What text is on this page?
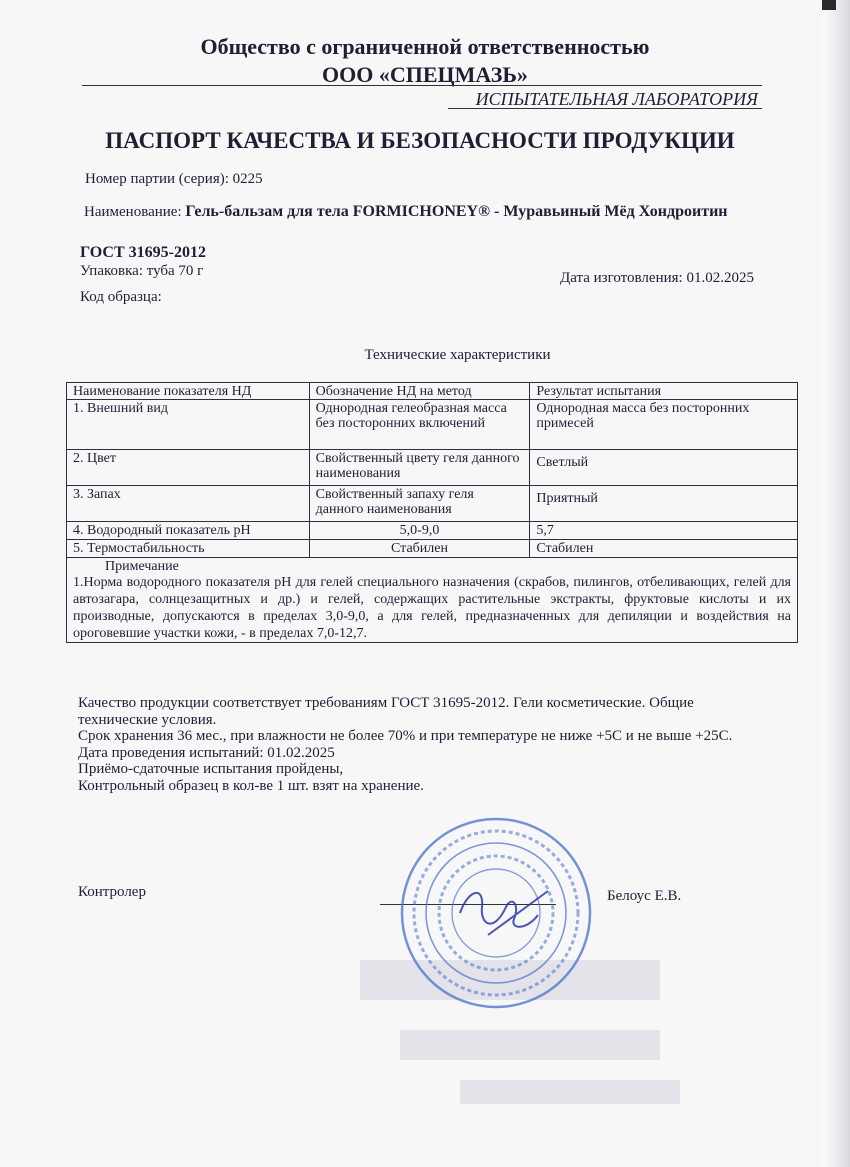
Общество с ограниченной ответственностью
ООО «СПЕЦМАЗЬ»
ИСПЫТАТЕЛЬНАЯ ЛАБОРАТОРИЯ
ПАСПОРТ КАЧЕСТВА И БЕЗОПАСНОСТИ ПРОДУКЦИИ
Номер партии (серия): 0225
Наименование: Гель-бальзам для тела FORMICHONEY® - Муравьиный Мёд Хондроитин
ГОСТ 31695-2012
Упаковка: туба 70 г	Дата изготовления: 01.02.2025
Код образца:
Технические характеристики
Наименование показателя НД	Обозначение НД на метод	Результат испытания
1. Внешний вид	Однородная гелеобразная масса без посторонних включений	Однородная масса без посторонних примесей
2. Цвет	Свойственный цвету геля данного наименования	Светлый
3. Запах	Свойственный запаху геля данного наименования	Приятный
4. Водородный показатель pH	5,0-9,0	5,7
5. Термостабильность	Стабилен	Стабилен

Примечание
1.Норма водородного показателя pH для гелей специального назначения (скрабов, пилингов, отбеливающих, гелей для автозагара, солнцезащитных и др.) и гелей, содержащих растительные экстракты, фруктовые кислоты и их производные, допускаются в пределах 3,0-9,0, а для гелей, предназначенных для депиляции и воздействия на ороговевшие участки кожи, - в пределах 7,0-12,7.		
Качество продукции соответствует требованиям ГОСТ 31695-2012. Гели косметические. Общие
технические условия.
Срок хранения 36 мес., при влажности не более 70% и при температуре не ниже +5С и не выше +25С.
Дата проведения испытаний: 01.02.2025
Приёмо-сдаточные испытания пройдены,
Контрольный образец в кол-ве 1 шт. взят на хранение.
Контролер	Белоус Е.В.
